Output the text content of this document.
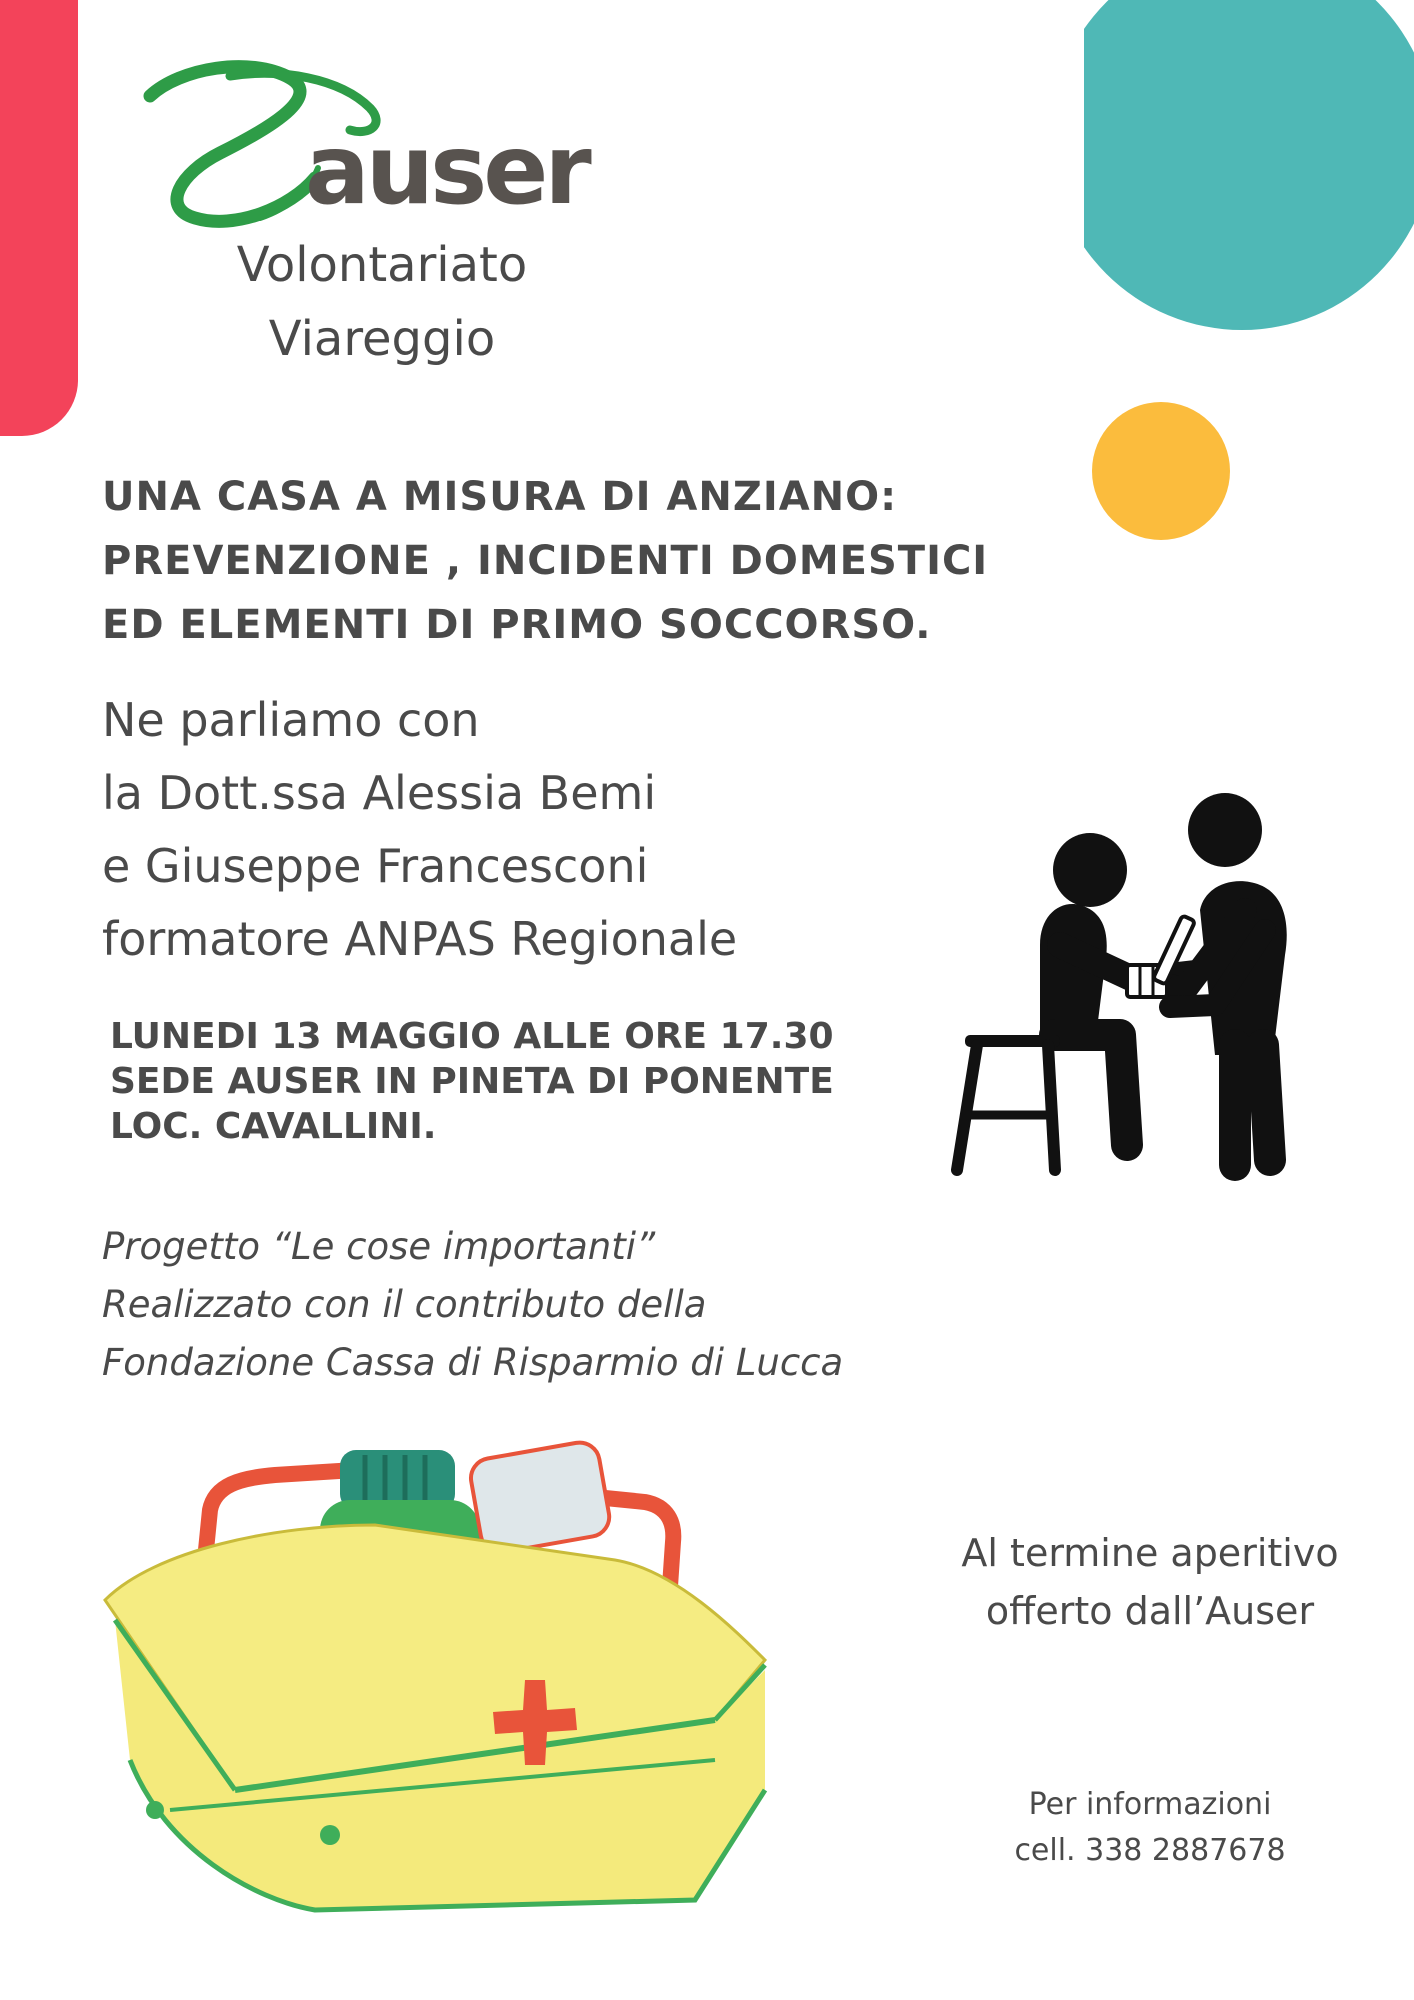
auser
Volontariato
Viareggio
UNA CASA A MISURA DI ANZIANO:
PREVENZIONE , INCIDENTI DOMESTICI
ED ELEMENTI DI PRIMO SOCCORSO.
Ne parliamo con
la Dott.ssa Alessia Bemi
e Giuseppe Francesconi
formatore ANPAS Regionale
LUNEDI 13 MAGGIO ALLE ORE 17.30
SEDE AUSER IN PINETA DI PONENTE
LOC. CAVALLINI.
Progetto “Le cose importanti”
Realizzato con il contributo della
Fondazione Cassa di Risparmio di Lucca
Al termine aperitivo
offerto dall’Auser
Per informazioni
cell. 338 2887678
